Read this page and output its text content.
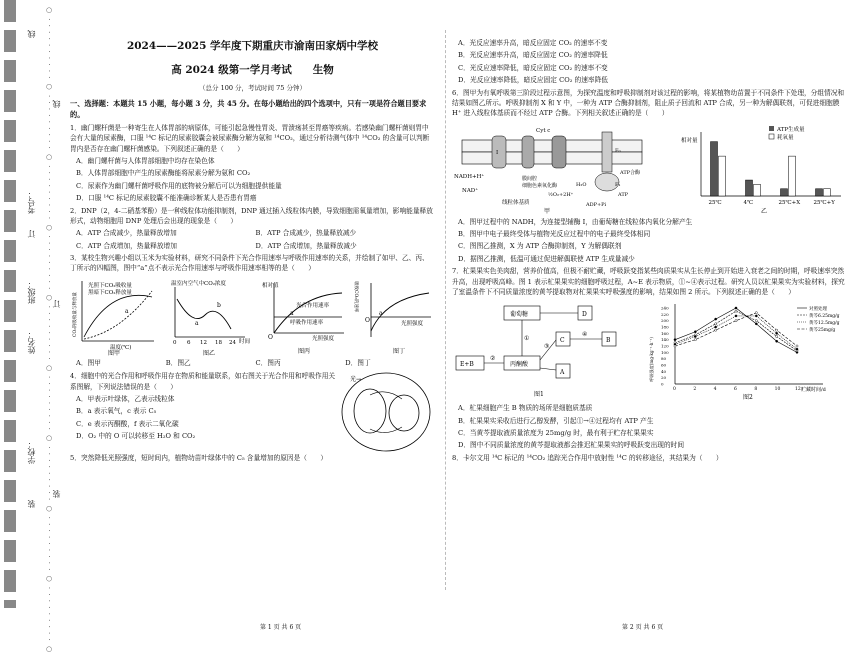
线
订
装
姓名：
学校：
班级：
考号： ○ · · · · · · · · · · ○ · · · · · · · · · ○ · · · · · · · · · ○ · · · · · · · · · ○ · · · · · · · · · ○ · · · · · · · · · ○ · · · · · · · · · ○ · · · · · · · · · ○ · · · · · · · · · ○ 线
订
装
2024——2025 学年度下期重庆市渝南田家炳中学校
高 2024 级第一学月考试　　生物
（总分 100 分，考试时间 75 分钟）
一、选择题：本题共 15 小题，每小题 3 分，共 45 分。在每小题给出的四个选项中，只有一项是符合题目要求的。
1．幽门螺杆菌是一种寄生在人体胃部的病原体，可能引起急慢性胃炎、胃溃疡甚至胃癌等疾病。若感染幽门螺杆菌则胃中会有大量的尿素酶，口服 ¹⁴C 标记的尿素胶囊会被尿素酶分解为氨和 ¹⁴CO₂，通过分析待测气体中 ¹⁴CO₂ 的含量可以判断胃内是否存在幽门螺杆菌感染。下列叙述正确的是（　　）
A．幽门螺杆菌与人体胃部细胞中均存在染色体
B．人体胃部细胞中产生的尿素酶能将尿素分解为氨和 CO₂
C．尿素作为幽门螺杆菌呼吸作用的底物被分解后可以为细胞提供能量
D．口服 ¹⁴C 标记的尿素胶囊不能准确诊断某人是否患有胃癌
2．DNP（2，4-二硝基苯酚）是一种线粒体功能抑制剂，DNP 通过插入线粒体内膜，导致细胞需氧量增加，影响能量释放形式，动物细胞用 DNP 处理后会出现的现象是（　　）
A．ATP 合成减少，热量释放增加	B．ATP 合成减少，热量释放减少
C．ATP 合成增加，热量释放增加	D．ATP 合成增加，热量释放减少
3．某校生物兴趣小组以玉米为实验材料，研究不同条件下光合作用速率与呼吸作用速率的关系，并绘制了如甲、乙、丙、丁所示的四幅图，图中“a”点不表示光合作用速率与呼吸作用速率相等的是（　　）
光照下CO₂吸收量
黑暗下CO₂释放量
a
温度(℃)
CO₂的吸收量与释放量
图甲
温室内空气中CO₂浓度
a
b
0 6 12 18 24 时间
图乙
相对值
光合作用速率
呼吸作用速率
a
O	光照强度
图丙
吸收CO₂的速率
a
O	光照强度
图丁
A．图甲	B．图乙	C．图丙	D．图丁
4．细胞中的光合作用和呼吸作用存在物质和能量联系，如右图关于光合作用和呼吸作用关系图解，下列说法错误的是（　　）
A．甲表示叶绿体，乙表示线粒体
B．a 表示氧气，c 表示 C₅
C．e 表示丙酮酸，f 表示二氧化碳
D．O₂ 中的 O 可以转移至 H₂O 和 CO₂
光→
5．突然降低光照强度，短时间内，植物幼苗叶绿体中的 C₅ 含量增加的原因是（　　）
第 1 页 共 6 页
A．光反应速率升高，暗反应固定 CO₂ 的速率不变
B．光反应速率升高，暗反应固定 CO₂ 的速率降低
C．光反应速率降低，暗反应固定 CO₂ 的速率不变
D．光反应速率降低，暗反应固定 CO₂ 的速率降低
6．图甲为有氧呼吸第三阶段过程示意图，为探究温度和呼吸抑制剂对该过程的影响，将某植物幼苗置于不同条件下处理，分组情况和结果如图乙所示。呼吸抑制剂 X 和 Y 中，一种为 ATP 合酶抑制剂，阻止质子回流和 ATP 合成，另一种为解偶联剂，可促进细胞膜 H⁺ 进入线粒体基质而不经过 ATP 合酶。下列相关叙述正确的是（　　）
Cyt c
NADH+H⁺
NAD⁺
线粒体基质
膜间腔
细胞色素氧化酶
½O₂+2H⁺
H₂O
ATP合酶
ADP+Pi
ATP
I
F₁
F₀
甲
相对量
ATP生成量
耗氧量
25℃	4℃	25℃+X 25℃+Y
乙
A．图甲过程中的 NADH，为连接型辅酶 I，由葡萄糖在线粒体内氧化分解产生
B．图甲中电子最终受体与植物光反应过程中的电子最终受体相同
C．图图乙推测，X 为 ATP 合酶抑制剂，Y 为解偶联剂
D．据图乙推测，低温可通过促进解偶联使 ATP 生成量减少
7．杧果果实色美肉甜，营养价值高，但极不耐贮藏，呼吸跃变指某些肉质果实从生长停止到开始进入衰老之间的时期，呼吸速率突然升高，出现呼吸高峰。图 1 表示杧果果实的细胞呼吸过程，A~E 表示物质，①~④表示过程。研究人员以杧果果实为实验材料，探究了室温条件下不同质量浓度的黄芩提取物对杧果果实呼吸强度的影响，结果如图 2 所示。下列叙述正确的是（　　）
葡萄糖
丙酮酸
E+B
C
D
B
A
①
②
③
④
图1
0
20
40
60
80
100
120
140
160
180
200
220
240
0	2	4	6	8	10	12
对照处理
黄芩6.25mg/g
黄芩12.5mg/g
黄芩25mg/g
呼吸强度(mg·kg⁻¹·h⁻¹)
贮藏时间/d
图2
A．杧果细胞产生 B 物质的场所是细胞质基质
B．杧果果实采收后进行乙醇发酵，引起①→④过程均有 ATP 产生
C．当黄芩提取液质量浓度为 25mg/g 时，最有利于贮存杧果果实
D．图中不同质量浓度的黄芩提取液都会推迟杧果果实的呼吸跃变出现的时间
8．卡尔文用 ¹⁴C 标记的 ¹⁴CO₂ 追踪光合作用中放射性 ¹⁴C 的转移途径，其结果为（　　）
第 2 页 共 6 页
